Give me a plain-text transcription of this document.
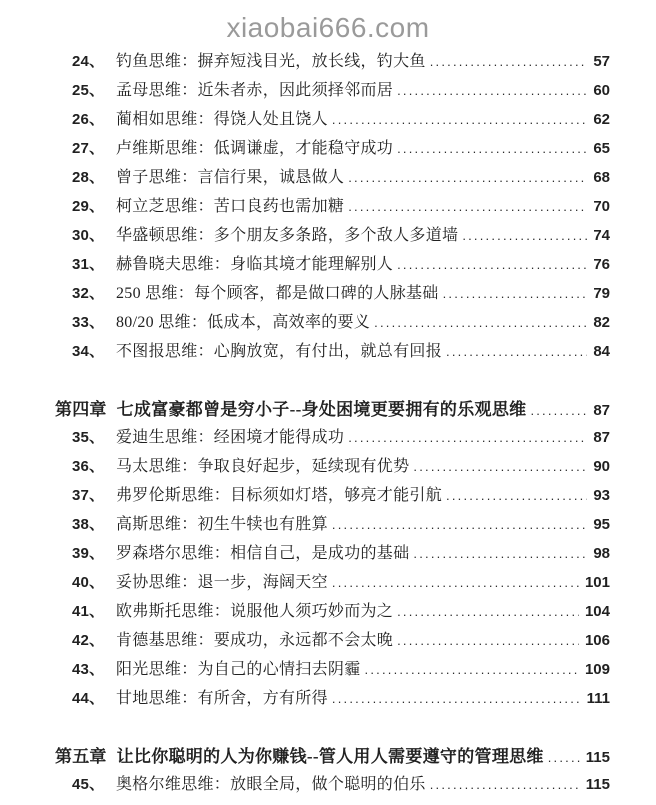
xiaobai666.com
24、 钓鱼思维：摒弃短浅目光，放长线，钓大鱼 .....	57
25、 孟母思维：近朱者赤，因此须择邻而居 .....	60
26、 蔺相如思维：得饶人处且饶人 .....	62
27、 卢维斯思维：低调谦虚，才能稳守成功 .....	65
28、 曾子思维：言信行果，诚恳做人 .....	68
29、 柯立芝思维：苦口良药也需加糖 .....	70
30、 华盛顿思维：多个朋友多条路，多个敌人多道墙 .....	74
31、 赫鲁晓夫思维：身临其境才能理解别人 .....	76
32、 250 思维：每个顾客，都是做口碑的人脉基础 .....	79
33、 80/20 思维：低成本，高效率的要义 .....	82
34、 不图报思维：心胸放宽，有付出，就总有回报 .....	84
第四章 七成富豪都曾是穷小子--身处困境更要拥有的乐观思维 .....	87
35、 爱迪生思维：经困境才能得成功 .....	87
36、 马太思维：争取良好起步，延续现有优势 .....	90
37、 弗罗伦斯思维：目标须如灯塔，够亮才能引航 .....	93
38、 高斯思维：初生牛犊也有胜算 .....	95
39、 罗森塔尔思维：相信自己，是成功的基础 .....	98
40、 妥协思维：退一步，海阔天空 .....	101
41、 欧弗斯托思维：说服他人须巧妙而为之 .....	104
42、 肯德基思维：要成功，永远都不会太晚 .....	106
43、 阳光思维：为自己的心情扫去阴霾 .....	109
44、 甘地思维：有所舍，方有所得 .....	111
第五章 让比你聪明的人为你赚钱--管人用人需要遵守的管理思维 .....	115
45、 奥格尔维思维：放眼全局，做个聪明的伯乐 .....	115
